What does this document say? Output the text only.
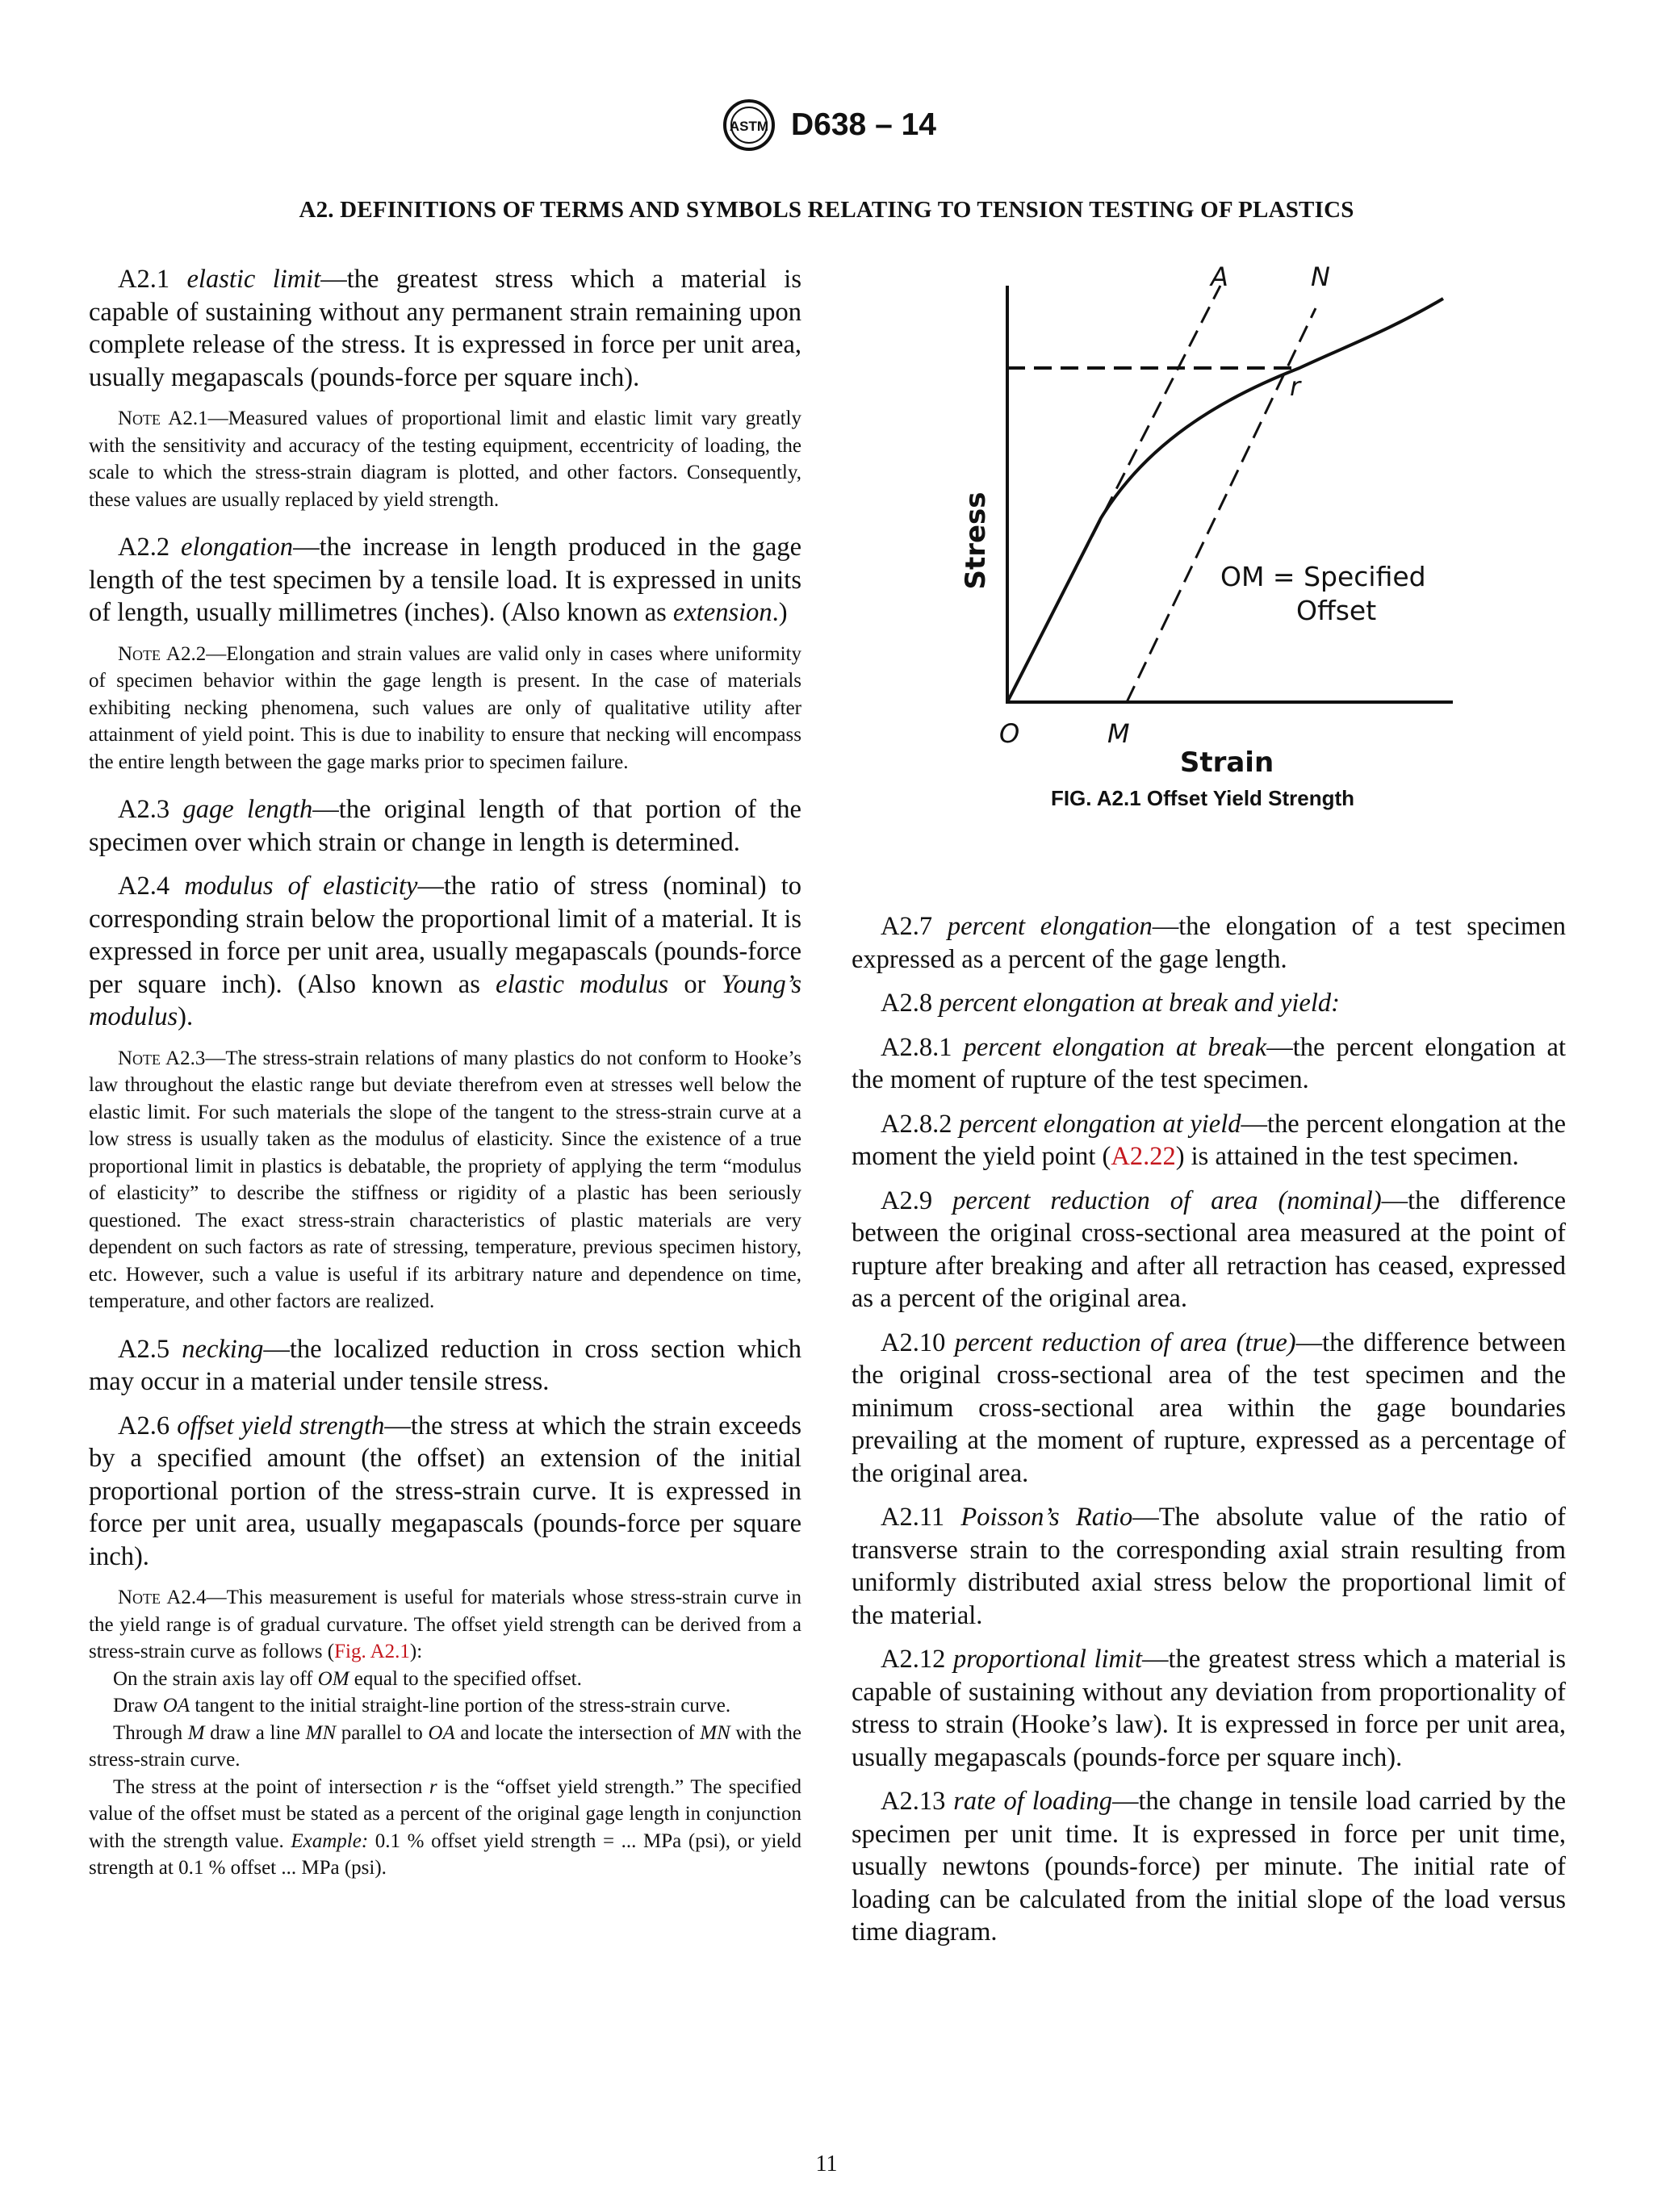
ASTM D638 – 14
A2. DEFINITIONS OF TERMS AND SYMBOLS RELATING TO TENSION TESTING OF PLASTICS

A2.1 elastic limit—the greatest stress which a material is capable of sustaining without any permanent strain remaining upon complete release of the stress. It is expressed in force per unit area, usually megapascals (pounds-force per square inch).

Note A2.1—Measured values of proportional limit and elastic limit vary greatly with the sensitivity and accuracy of the testing equipment, eccentricity of loading, the scale to which the stress-strain diagram is plotted, and other factors. Consequently, these values are usually replaced by yield strength.

A2.2 elongation—the increase in length produced in the gage length of the test specimen by a tensile load. It is expressed in units of length, usually millimetres (inches). (Also known as extension.)

Note A2.2—Elongation and strain values are valid only in cases where uniformity of specimen behavior within the gage length is present. In the case of materials exhibiting necking phenomena, such values are only of qualitative utility after attainment of yield point. This is due to inability to ensure that necking will encompass the entire length between the gage marks prior to specimen failure.

A2.3 gage length—the original length of that portion of the specimen over which strain or change in length is determined.

A2.4 modulus of elasticity—the ratio of stress (nominal) to corresponding strain below the proportional limit of a material. It is expressed in force per unit area, usually megapascals (pounds-force per square inch). (Also known as elastic modulus or Young’s modulus).

Note A2.3—The stress-strain relations of many plastics do not conform to Hooke’s law throughout the elastic range but deviate therefrom even at stresses well below the elastic limit. For such materials the slope of the tangent to the stress-strain curve at a low stress is usually taken as the modulus of elasticity. Since the existence of a true proportional limit in plastics is debatable, the propriety of applying the term “modulus of elasticity” to describe the stiffness or rigidity of a plastic has been seriously questioned. The exact stress-strain characteristics of plastic materials are very dependent on such factors as rate of stressing, temperature, previous specimen history, etc. However, such a value is useful if its arbitrary nature and dependence on time, temperature, and other factors are realized.

A2.5 necking—the localized reduction in cross section which may occur in a material under tensile stress.

A2.6 offset yield strength—the stress at which the strain exceeds by a specified amount (the offset) an extension of the initial proportional portion of the stress-strain curve. It is expressed in force per unit area, usually megapascals (pounds-force per square inch).

Note A2.4—This measurement is useful for materials whose stress-strain curve in the yield range is of gradual curvature. The offset yield strength can be derived from a stress-strain curve as follows (Fig. A2.1):

On the strain axis lay off OM equal to the specified offset.

Draw OA tangent to the initial straight-line portion of the stress-strain curve.

Through M draw a line MN parallel to OA and locate the intersection of MN with the stress-strain curve.

The stress at the point of intersection r is the “offset yield strength.” The specified value of the offset must be stated as a percent of the original gage length in conjunction with the strength value. Example: 0.1 % offset yield strength = ... MPa (psi), or yield strength at 0.1 % offset ... MPa (psi).

A	N
r
O	M
OM = Specified
Offset
Stress
Strain
FIG. A2.1 Offset Yield Strength

A2.7 percent elongation—the elongation of a test specimen expressed as a percent of the gage length.

A2.8 percent elongation at break and yield:

A2.8.1 percent elongation at break—the percent elongation at the moment of rupture of the test specimen.

A2.8.2 percent elongation at yield—the percent elongation at the moment the yield point (A2.22) is attained in the test specimen.

A2.9 percent reduction of area (nominal)—the difference between the original cross-sectional area measured at the point of rupture after breaking and after all retraction has ceased, expressed as a percent of the original area.

A2.10 percent reduction of area (true)—the difference between the original cross-sectional area of the test specimen and the minimum cross-sectional area within the gage boundaries prevailing at the moment of rupture, expressed as a percentage of the original area.

A2.11 Poisson’s Ratio—The absolute value of the ratio of transverse strain to the corresponding axial strain resulting from uniformly distributed axial stress below the proportional limit of the material.

A2.12 proportional limit—the greatest stress which a material is capable of sustaining without any deviation from proportionality of stress to strain (Hooke’s law). It is expressed in force per unit area, usually megapascals (pounds-force per square inch).

A2.13 rate of loading—the change in tensile load carried by the specimen per unit time. It is expressed in force per unit time, usually newtons (pounds-force) per minute. The initial rate of loading can be calculated from the initial slope of the load versus time diagram.

11
